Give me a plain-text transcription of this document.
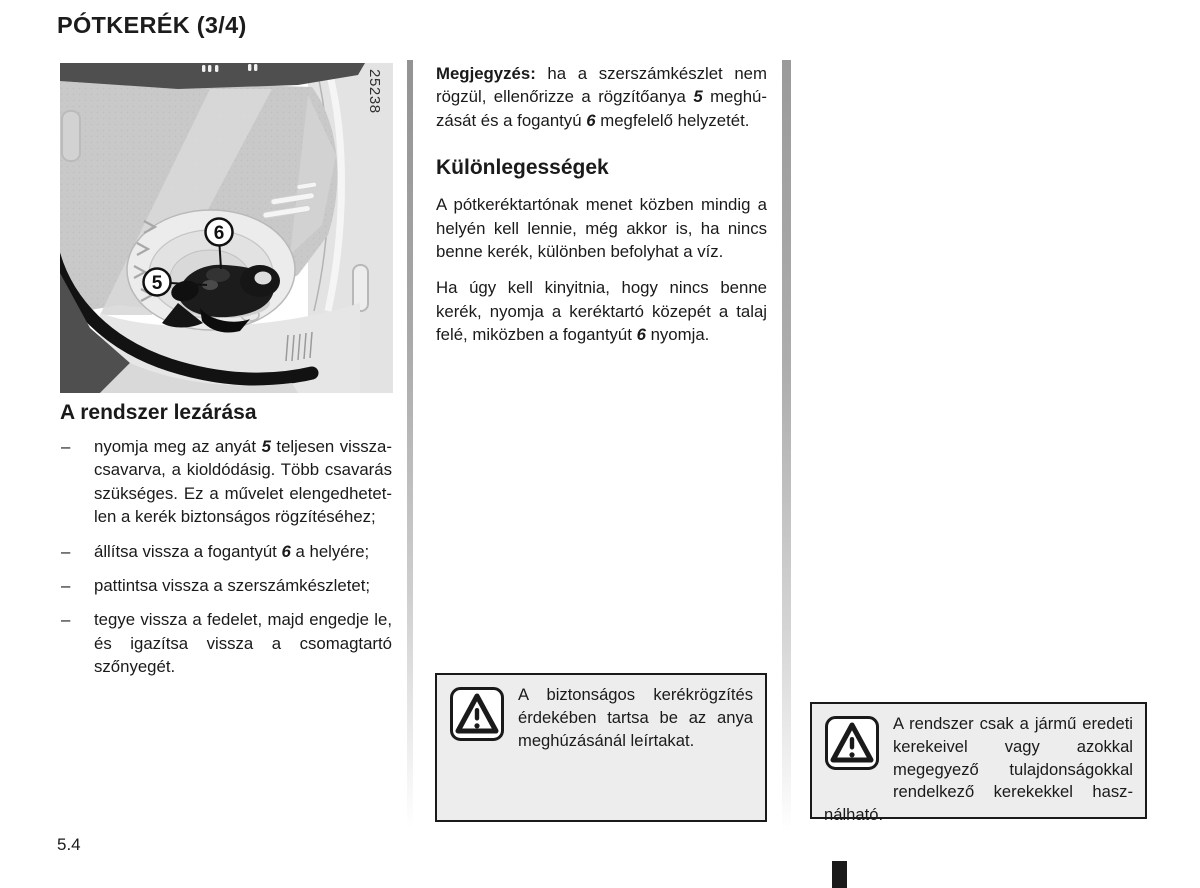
PÓTKERÉK (3/4)
6
5
25238
A rendszer lezárása
– nyomja meg az anyát 5 teljesen visszacsavarva, a kioldódásig. Több csavarás szükséges. Ez a művelet elengedhetetlen a kerék biztonságos rögzítéséhez;
– állítsa vissza a fogantyút 6 a helyére;
– pattintsa vissza a szerszámkészletet;
– tegye vissza a fedelet, majd engedje le, és igazítsa vissza a csomagtartó szőnyegét.

Megjegyzés: ha a szerszámkészlet nem rögzül, ellenőrizze a rögzítőanya 5 meghúzását és a fogantyú 6 megfelelő helyzetét.

Különlegességek

A pótkeréktartónak menet közben mindig a helyén kell lennie, még akkor is, ha nincs benne kerék, különben befolyhat a víz.

Ha úgy kell kinyitnia, hogy nincs benne kerék, nyomja a keréktartó közepét a talaj felé, miközben a fogantyút 6 nyomja.

A biztonságos kerékrögzítés érdekében tartsa be az anya meghúzásánál leírtakat.
A rendszer csak a jármű eredeti kerekeivel vagy azokkal megegyező tulajdonságokkal rendelkező kerekekkel használható.
5.4
